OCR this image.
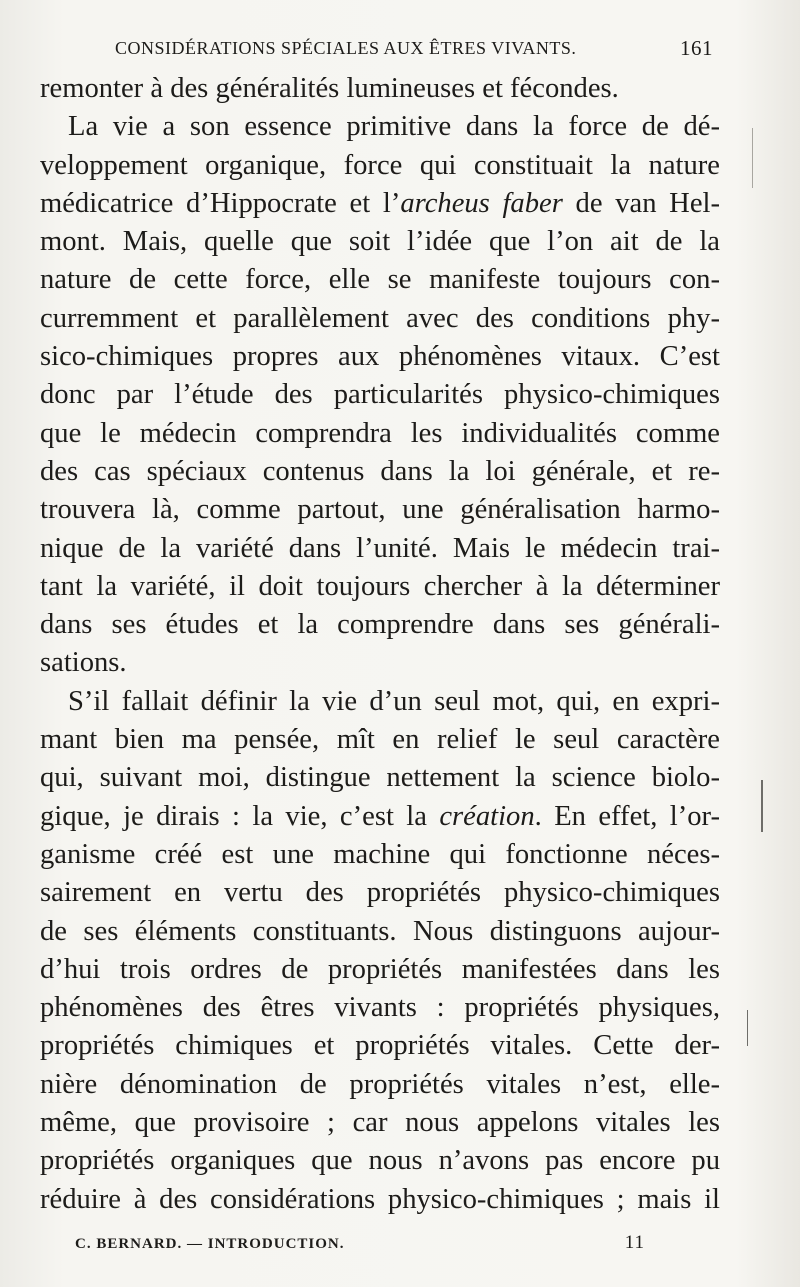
CONSIDÉRATIONS SPÉCIALES AUX ÊTRES VIVANTS.	161
remonter à des généralités lumineuses et fécondes.
La vie a son essence primitive dans la force de dé-
veloppement organique, force qui constituait la nature
médicatrice d’Hippocrate et l’archeus faber de van Hel-
mont. Mais, quelle que soit l’idée que l’on ait de la
nature de cette force, elle se manifeste toujours con-
curremment et parallèlement avec des conditions phy-
sico-chimiques propres aux phénomènes vitaux. C’est
donc par l’étude des particularités physico-chimiques
que le médecin comprendra les individualités comme
des cas spéciaux contenus dans la loi générale, et re-
trouvera là, comme partout, une généralisation harmo-
nique de la variété dans l’unité. Mais le médecin trai-
tant la variété, il doit toujours chercher à la déterminer
dans ses études et la comprendre dans ses générali-
sations.
S’il fallait définir la vie d’un seul mot, qui, en expri-
mant bien ma pensée, mît en relief le seul caractère
qui, suivant moi, distingue nettement la science biolo-
gique, je dirais : la vie, c’est la création. En effet, l’or-
ganisme créé est une machine qui fonctionne néces-
sairement en vertu des propriétés physico-chimiques
de ses éléments constituants. Nous distinguons aujour-
d’hui trois ordres de propriétés manifestées dans les
phénomènes des êtres vivants : propriétés physiques,
propriétés chimiques et propriétés vitales. Cette der-
nière dénomination de propriétés vitales n’est, elle-
même, que provisoire ; car nous appelons vitales les
propriétés organiques que nous n’avons pas encore pu
réduire à des considérations physico-chimiques ; mais il
C. BERNARD. — INTRODUCTION.	11
